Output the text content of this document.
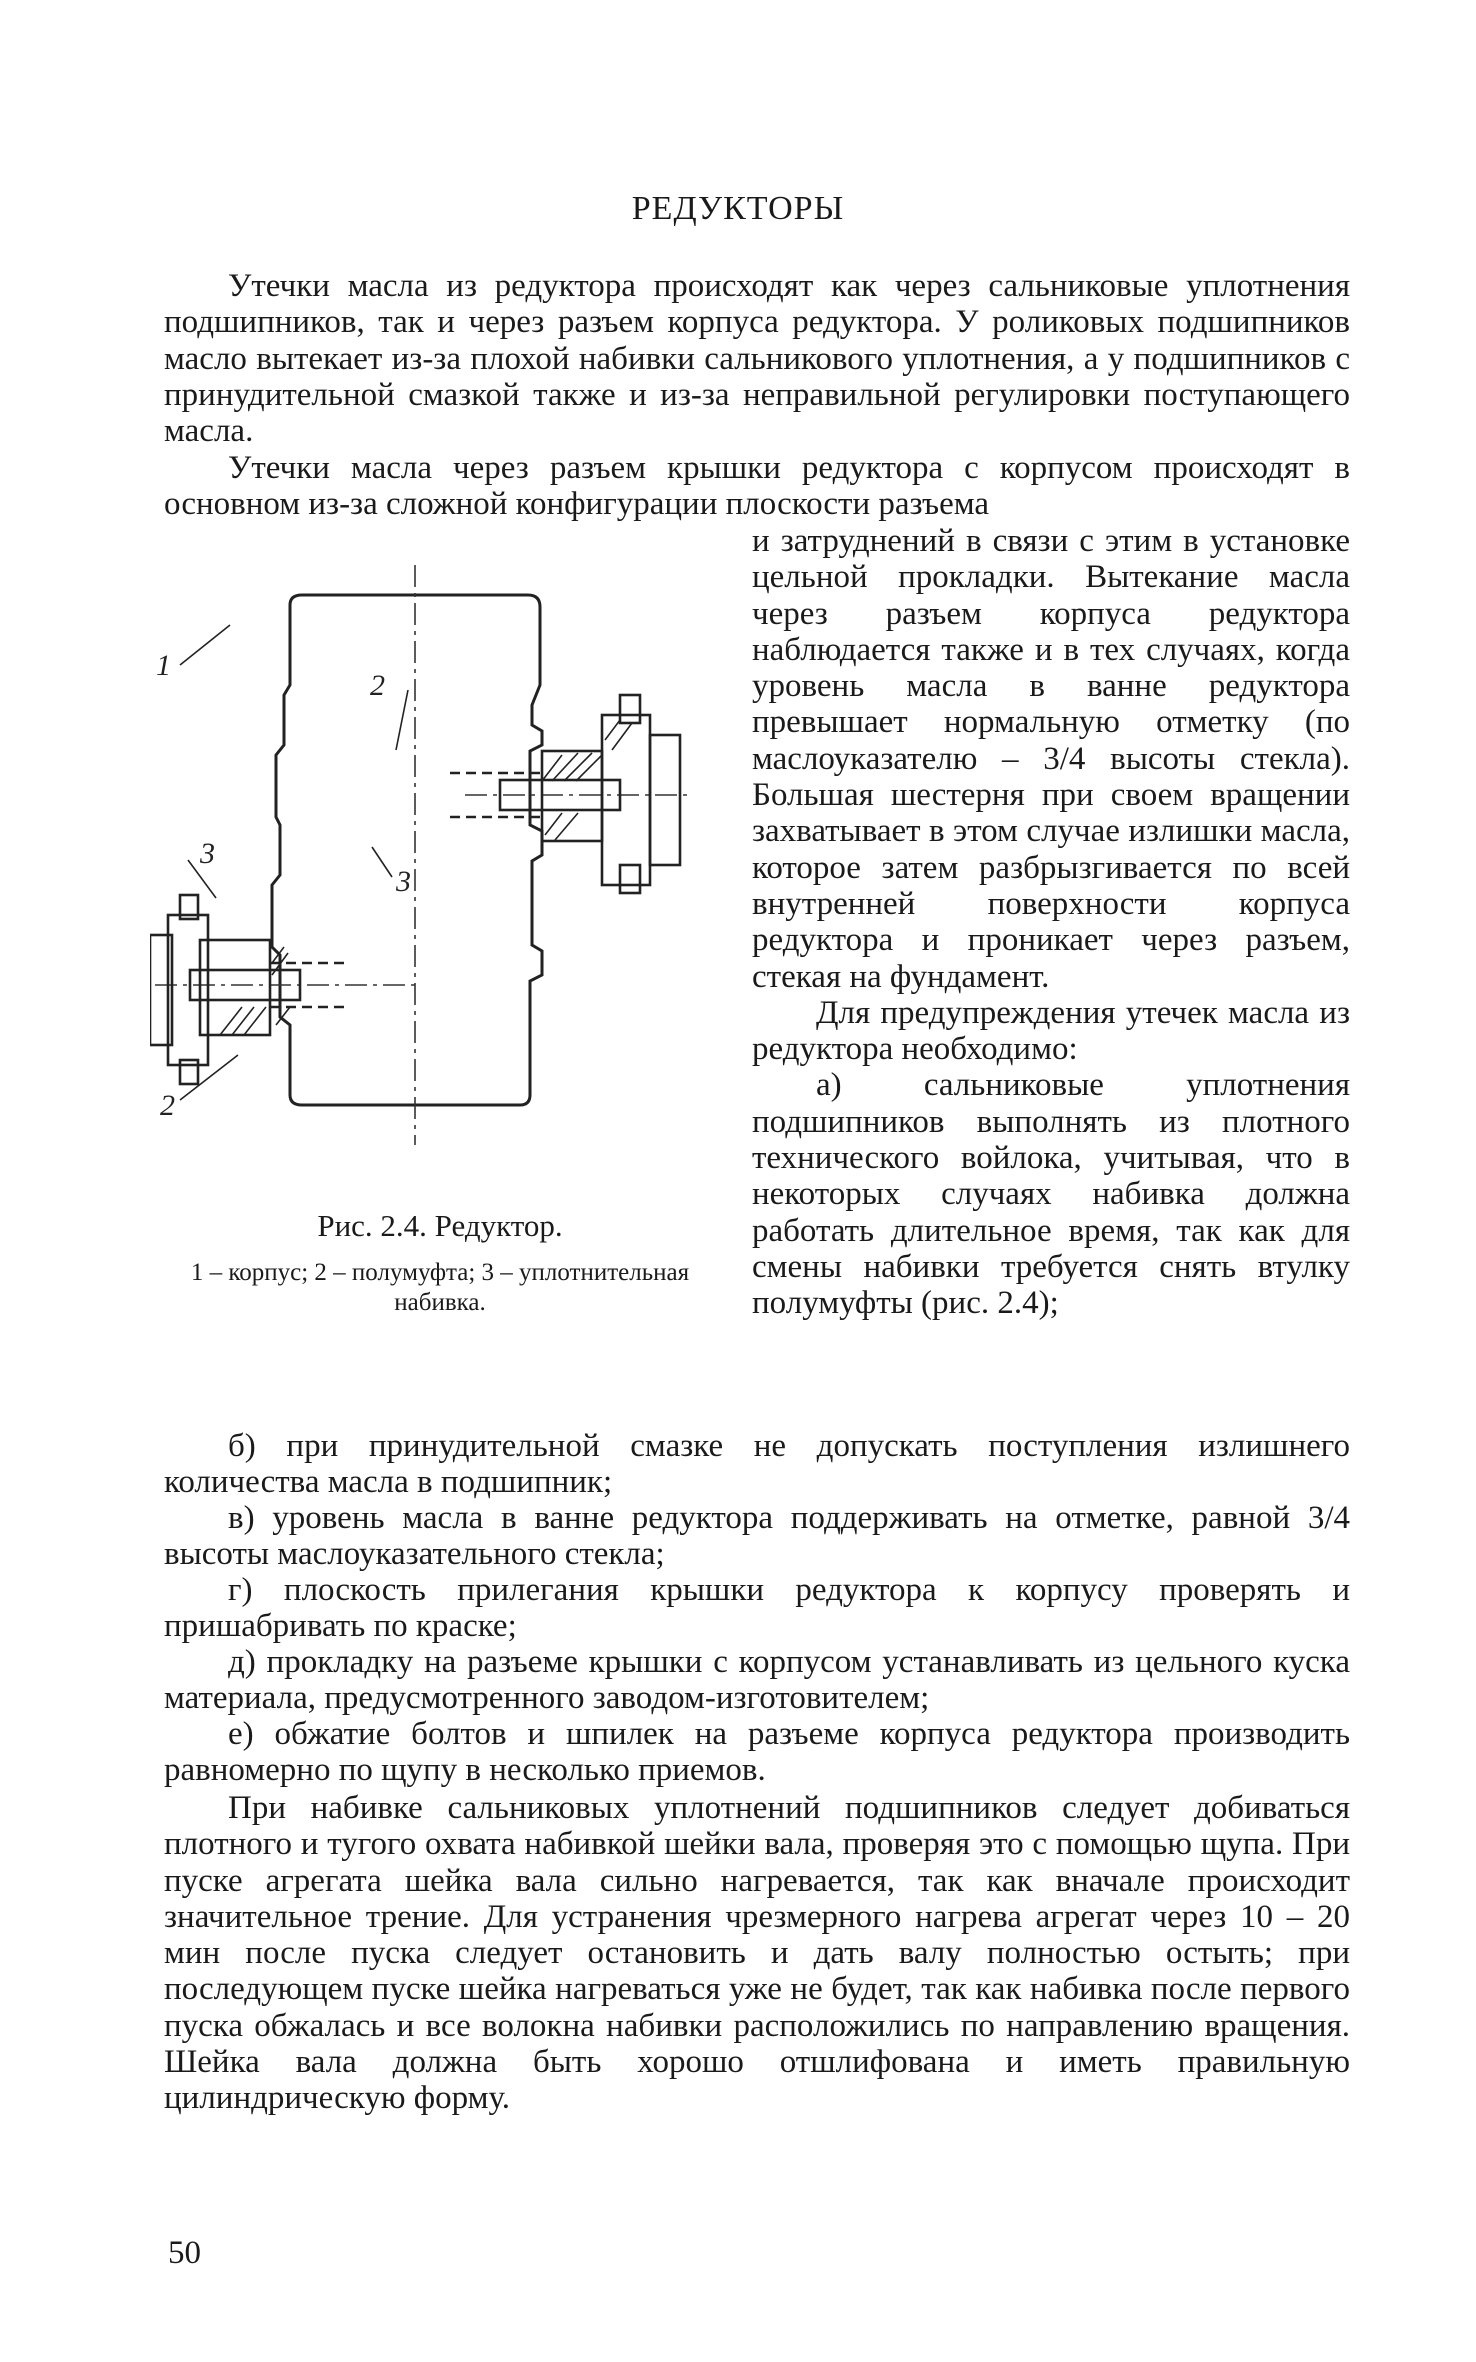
РЕДУКТОРЫ

Утечки масла из редуктора происходят как через сальниковые уплотнения подшипников, так и через разъем корпуса редуктора. У роликовых подшипников масло вытекает из-за плохой набивки сальникового уплотнения, а у подшипников с принудительной смазкой также и из-за неправильной регулировки поступающего масла.

Утечки масла через разъем крышки редуктора с корпусом происходят в основном из-за сложной конфигурации плоскости разъема

и затруднений в связи с этим в установке цельной прокладки. Вытекание масла через разъем корпуса редуктора наблюдается также и в тех случаях, когда уровень масла в ванне редуктора превышает нормальную отметку (по маслоуказателю – 3/4 высоты стекла). Большая шестерня при своем вращении захватывает в этом случае излишки масла, которое затем разбрызгивается по всей внутренней поверхности корпуса редуктора и проникает через разъем, стекая на фундамент.

Для предупреждения утечек масла из редуктора необходимо:

а) сальниковые уплотнения подшипников выполнять из плотного технического войлока, учитывая, что в некоторых случаях набивка должна работать длительное время, так как для смены набивки требуется снять втулку полумуфты (рис. 2.4);

1
2
3
3
2
Рис. 2.4. Редуктор.
1 – корпус; 2 – полумуфта; 3 – уплотнительная набивка.

б) при принудительной смазке не допускать поступления излишнего количества масла в подшипник;

в) уровень масла в ванне редуктора поддерживать на отметке, равной 3/4 высоты маслоуказательного стекла;

г) плоскость прилегания крышки редуктора к корпусу проверять и пришабривать по краске;

д) прокладку на разъеме крышки с корпусом устанавливать из цельного куска материала, предусмотренного заводом-изготовителем;

е) обжатие болтов и шпилек на разъеме корпуса редуктора производить равномерно по щупу в несколько приемов.

При набивке сальниковых уплотнений подшипников следует добиваться плотного и тугого охвата набивкой шейки вала, проверяя это с помощью щупа. При пуске агрегата шейка вала сильно нагревается, так как вначале происходит значительное трение. Для устранения чрезмерного нагрева агрегат через 10 – 20 мин после пуска следует остановить и дать валу полностью остыть; при последующем пуске шейка нагреваться уже не будет, так как набивка после первого пуска обжалась и все волокна набивки расположились по направлению вращения. Шейка вала должна быть хорошо отшлифована и иметь правильную цилиндрическую форму.

50
